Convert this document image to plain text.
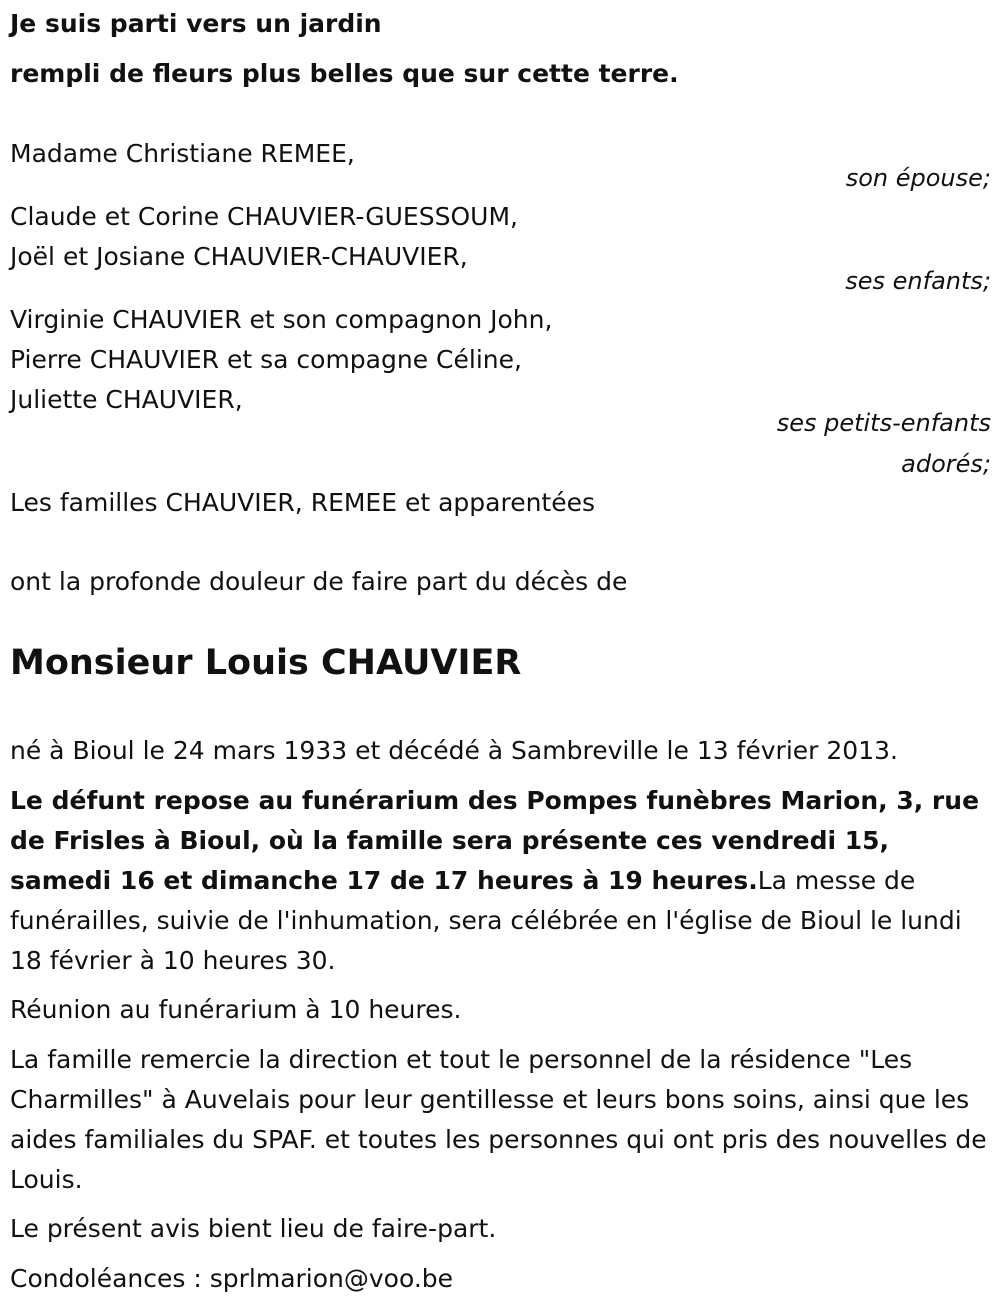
Je suis parti vers un jardin
rempli de fleurs plus belles que sur cette terre.
Madame Christiane REMEE,
son épouse;
Claude et Corine CHAUVIER-GUESSOUM,
Joël et Josiane CHAUVIER-CHAUVIER,
ses enfants;
Virginie CHAUVIER et son compagnon John,
Pierre CHAUVIER et sa compagne Céline,
Juliette CHAUVIER,
ses petits-enfants
adorés;
Les familles CHAUVIER, REMEE et apparentées
ont la profonde douleur de faire part du décès de
Monsieur Louis CHAUVIER
né à Bioul le 24 mars 1933 et décédé à Sambreville le 13 février 2013.
Le défunt repose au funérarium des Pompes funèbres Marion, 3, rue de Frisles à Bioul, où la famille sera présente ces vendredi 15, samedi 16 et dimanche 17 de 17 heures à 19 heures.La messe de funérailles, suivie de l'inhumation, sera célébrée en l'église de Bioul le lundi 18 février à 10 heures 30.
Réunion au funérarium à 10 heures.
La famille remercie la direction et tout le personnel de la résidence "Les Charmilles" à Auvelais pour leur gentillesse et leurs bons soins, ainsi que les aides familiales du SPAF. et toutes les personnes qui ont pris des nouvelles de Louis.
Le présent avis bient lieu de faire-part.
Condoléances : sprlmarion@voo.be
